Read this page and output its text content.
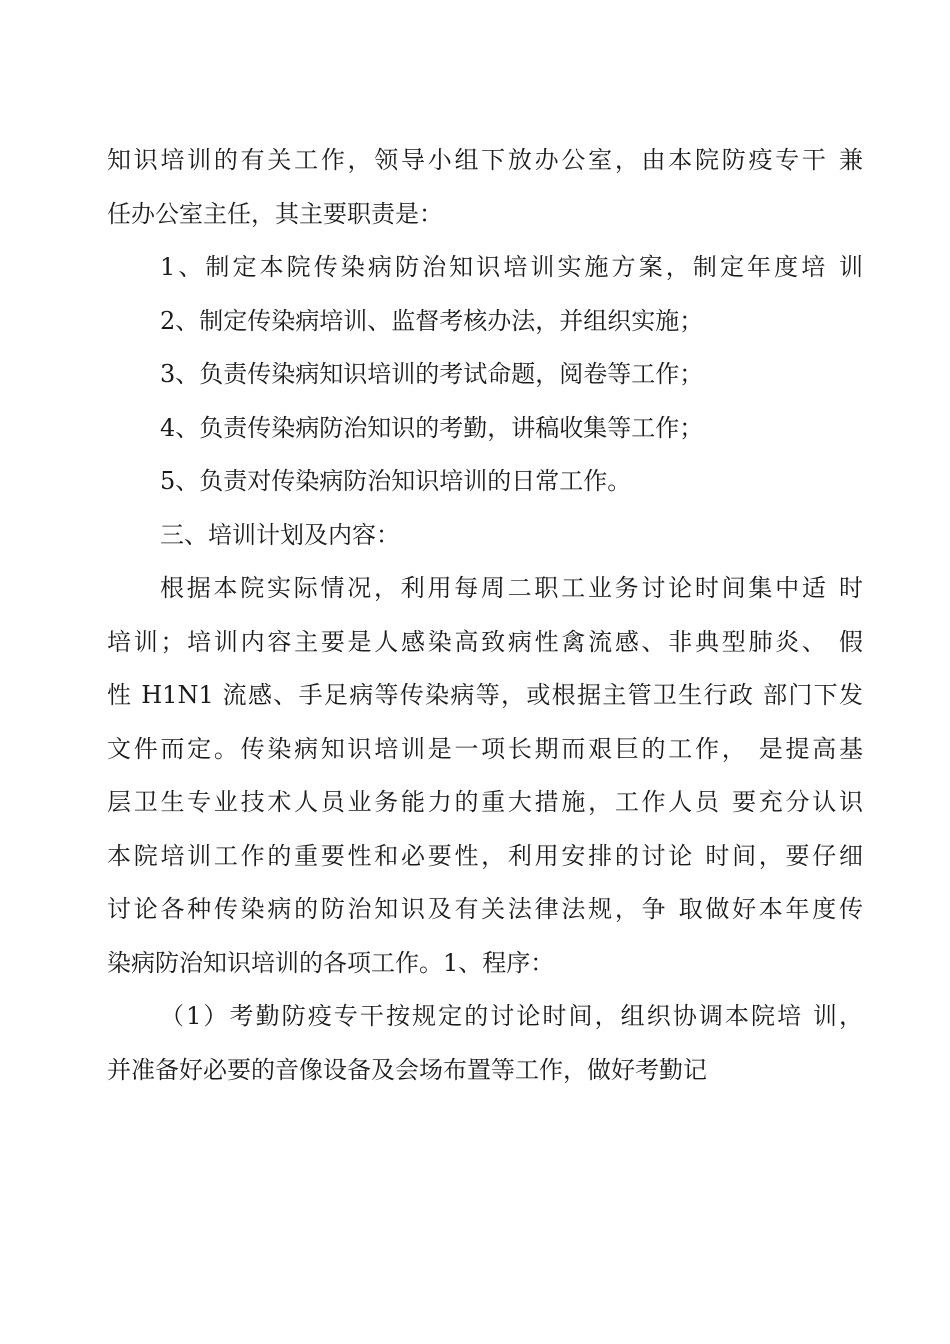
知识培训的有关工作，领导小组下放办公室，由本院防疫专干 兼
任办公室主任，其主要职责是：
1、制定本院传染病防治知识培训实施方案，制定年度培 训
2、制定传染病培训、监督考核办法，并组织实施；
3、负责传染病知识培训的考试命题，阅卷等工作；
4、负责传染病防治知识的考勤，讲稿收集等工作；
5、负责对传染病防治知识培训的日常工作。
三、培训计划及内容：
根据本院实际情况，利用每周二职工业务讨论时间集中适 时
培训；培训内容主要是人感染高致病性禽流感、非典型肺炎、 假
性 H1N1 流感、手足病等传染病等，或根据主管卫生行政 部门下发
文件而定。传染病知识培训是一项长期而艰巨的工作， 是提高基
层卫生专业技术人员业务能力的重大措施，工作人员 要充分认识
本院培训工作的重要性和必要性，利用安排的讨论 时间，要仔细
讨论各种传染病的防治知识及有关法律法规，争 取做好本年度传
染病防治知识培训的各项工作。1、程序：
（1）考勤防疫专干按规定的讨论时间，组织协调本院培 训，
并准备好必要的音像设备及会场布置等工作，做好考勤记
